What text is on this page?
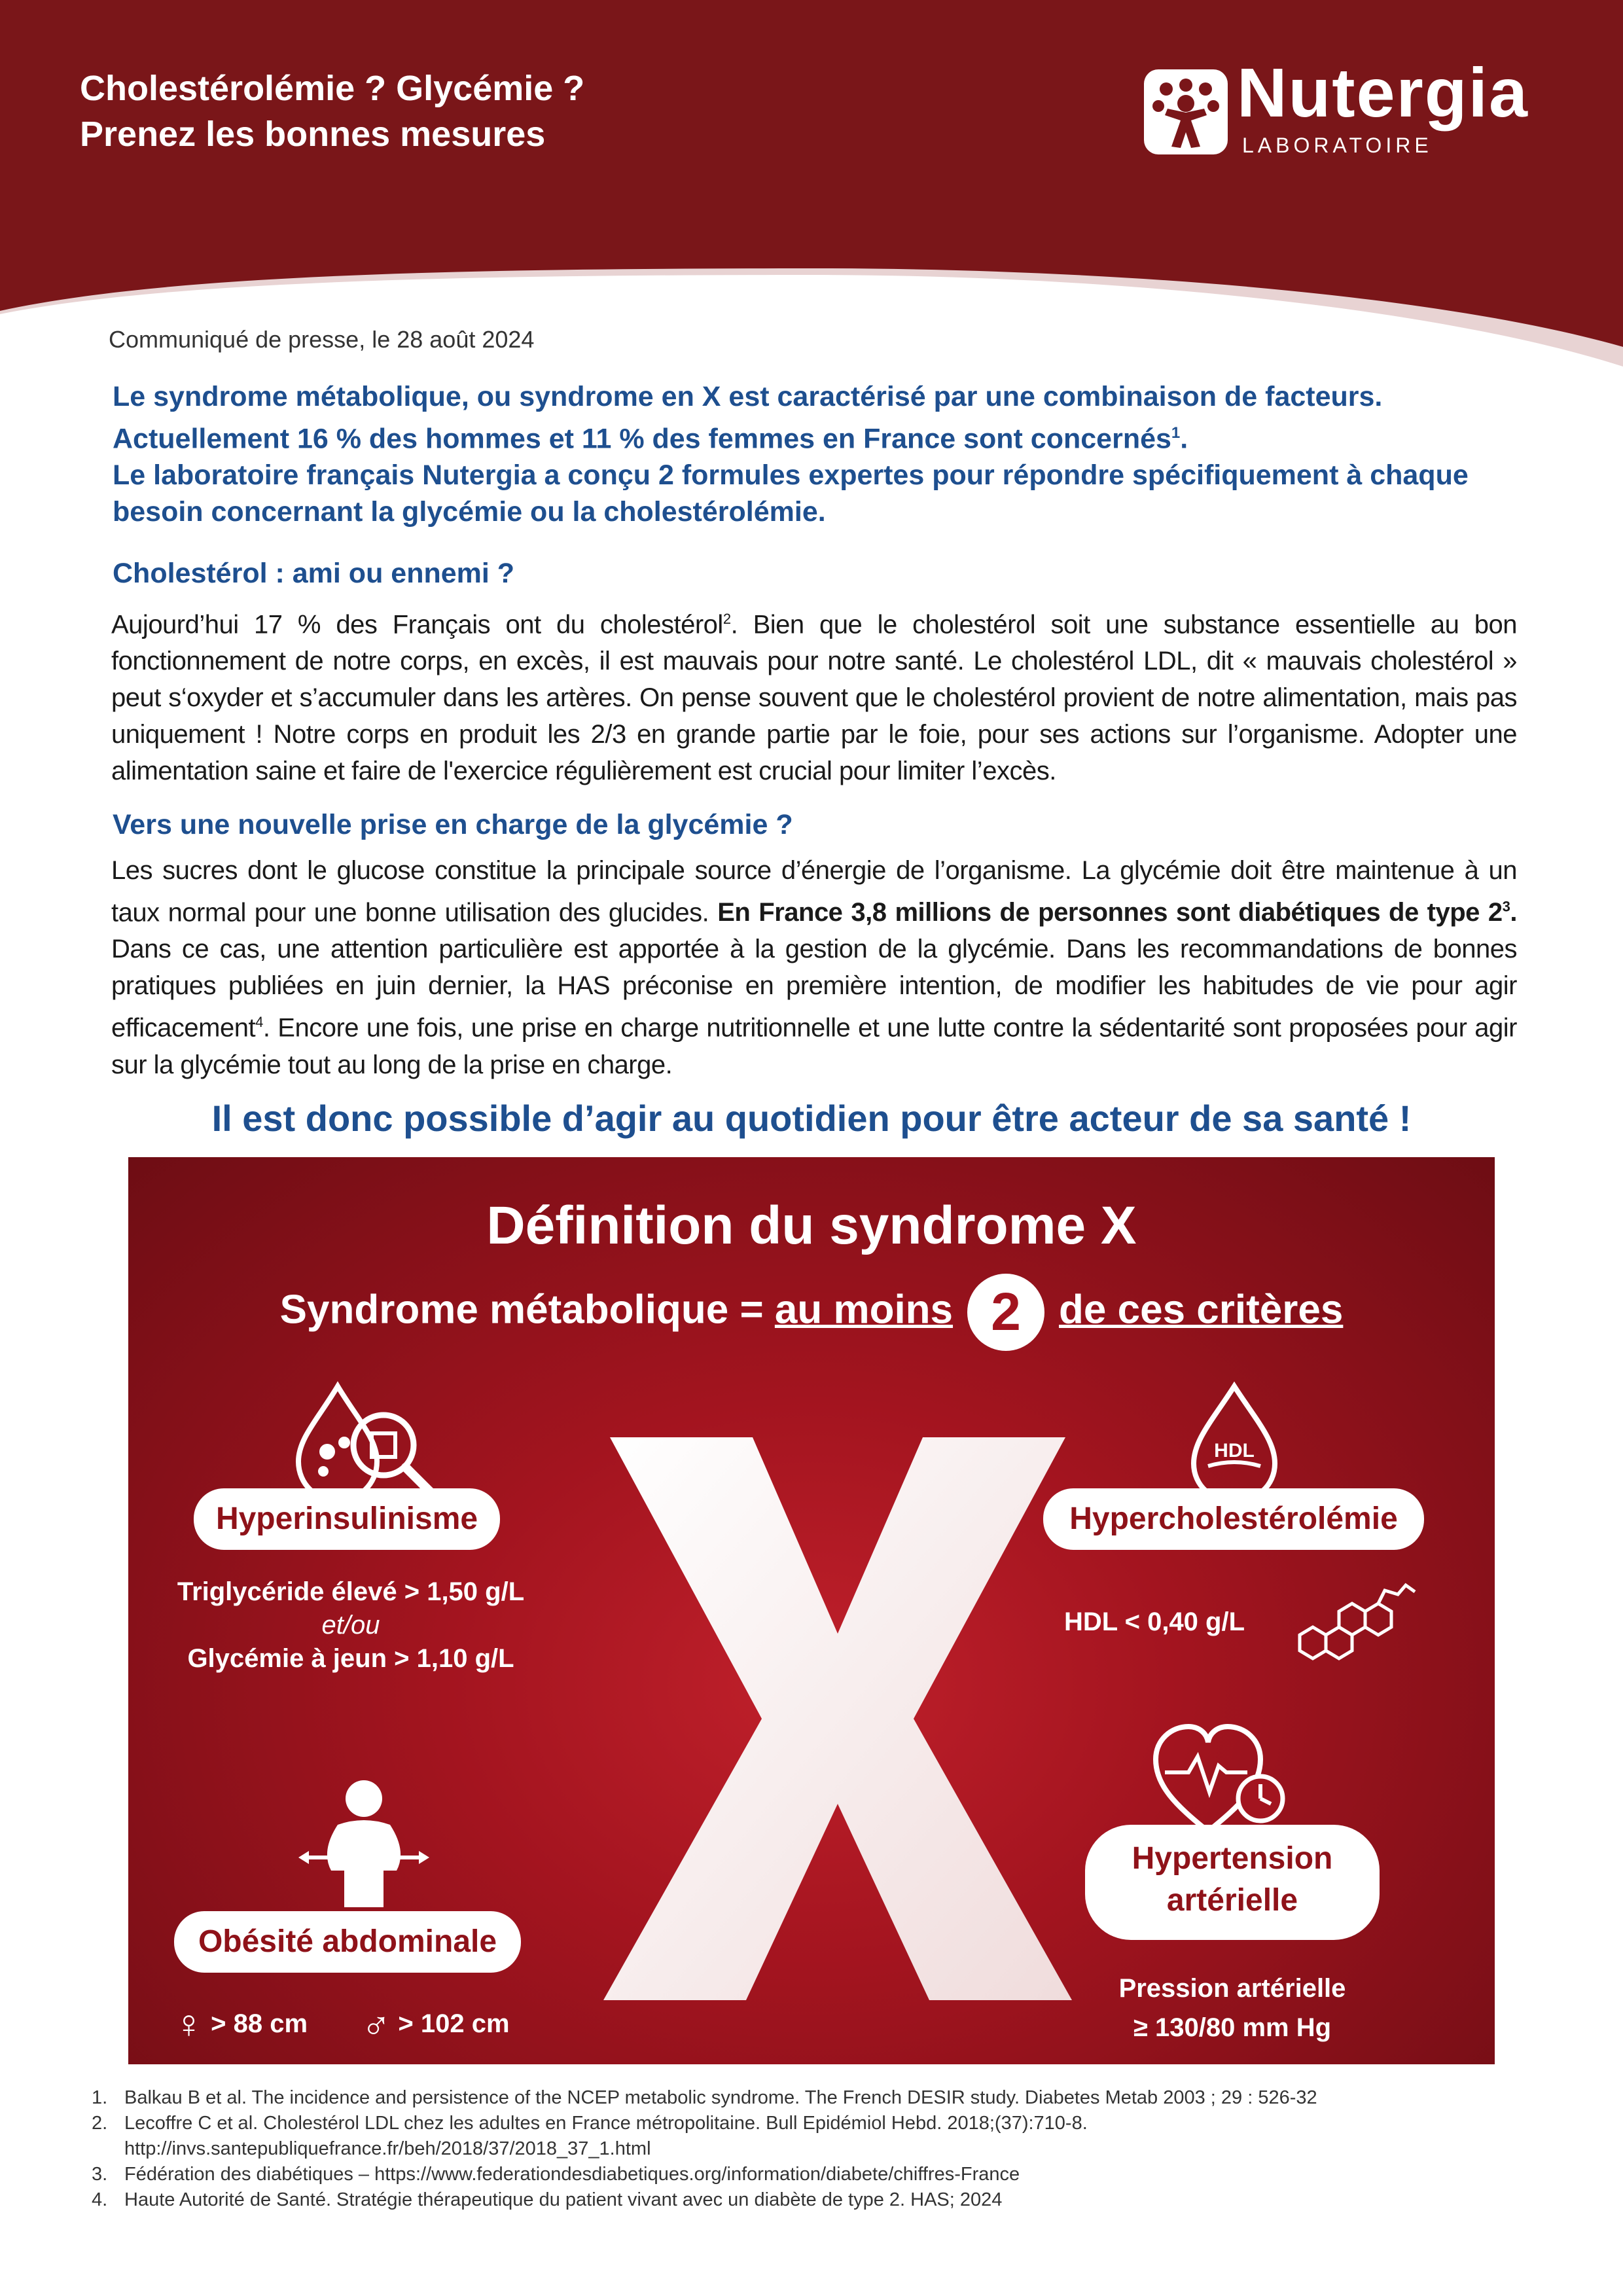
Cholestérolémie ? Glycémie ?
Prenez les bonnes mesures
Nutergia
LABORATOIRE
Communiqué de presse, le 28 août 2024

Le syndrome métabolique, ou syndrome en X est caractérisé par une combinaison de facteurs.

Actuellement 16 % des hommes et 11 % des femmes en France sont concernés$^1$.

Le laboratoire français Nutergia a conçu 2 formules expertes pour répondre spécifiquement à chaque besoin concernant la glycémie ou la cholestérolémie.

Cholestérol : ami ou ennemi ?

Aujourd’hui 17 % des Français ont du cholestérol$^2$. Bien que le cholestérol soit une substance essentielle au bon fonctionnement de notre corps, en excès, il est mauvais pour notre santé. Le cholestérol LDL, dit « mauvais cholestérol » peut s‘oxyder et s’accumuler dans les artères. On pense souvent que le cholestérol provient de notre alimentation, mais pas uniquement ! Notre corps en produit les 2/3 en grande partie par le foie, pour ses actions sur l’organisme. Adopter une alimentation saine et faire de l'exercice régulièrement est crucial pour limiter l’excès.

Vers une nouvelle prise en charge de la glycémie ?

Les sucres dont le glucose constitue la principale source d’énergie de l’organisme. La glycémie doit être maintenue à un taux normal pour une bonne utilisation des glucides. En France 3,8 millions de personnes sont diabétiques de type $2^3$. Dans ce cas, une attention particulière est apportée à la gestion de la glycémie. Dans les recommandations de bonnes pratiques publiées en juin dernier, la HAS préconise en première intention, de modifier les habitudes de vie pour agir efficacement$^4$. Encore une fois, une prise en charge nutritionnelle et une lutte contre la sédentarité sont proposées pour agir sur la glycémie tout au long de la prise en charge.

Il est donc possible d’agir au quotidien pour être acteur de sa santé !
Définition du syndrome X
Syndrome métabolique = au moins 2 de ces critères
Hyperinsulinisme
Triglycéride élevé > 1,50 g/L
et/ou
Glycémie à jeun > 1,10 g/L
HDL
Hypercholestérolémie
HDL < 0,40 g/L
Obésité abdominale
♀ > 88 cm ♂ > 102 cm
Hypertension
artérielle
Pression artérielle
≥ 130/80 mm Hg
1. Balkau B et al. The incidence and persistence of the NCEP metabolic syndrome. The French DESIR study. Diabetes Metab 2003 ; 29 : 526-32
2. Lecoffre C et al. Cholestérol LDL chez les adultes en France métropolitaine. Bull Epidémiol Hebd. 2018;(37):710-8. http://invs.santepubliquefrance.fr/beh/2018/37/2018_37_1.html
3. Fédération des diabétiques – https://www.federationdesdiabetiques.org/information/diabete/chiffres-France
4. Haute Autorité de Santé. Stratégie thérapeutique du patient vivant avec un diabète de type 2. HAS; 2024
